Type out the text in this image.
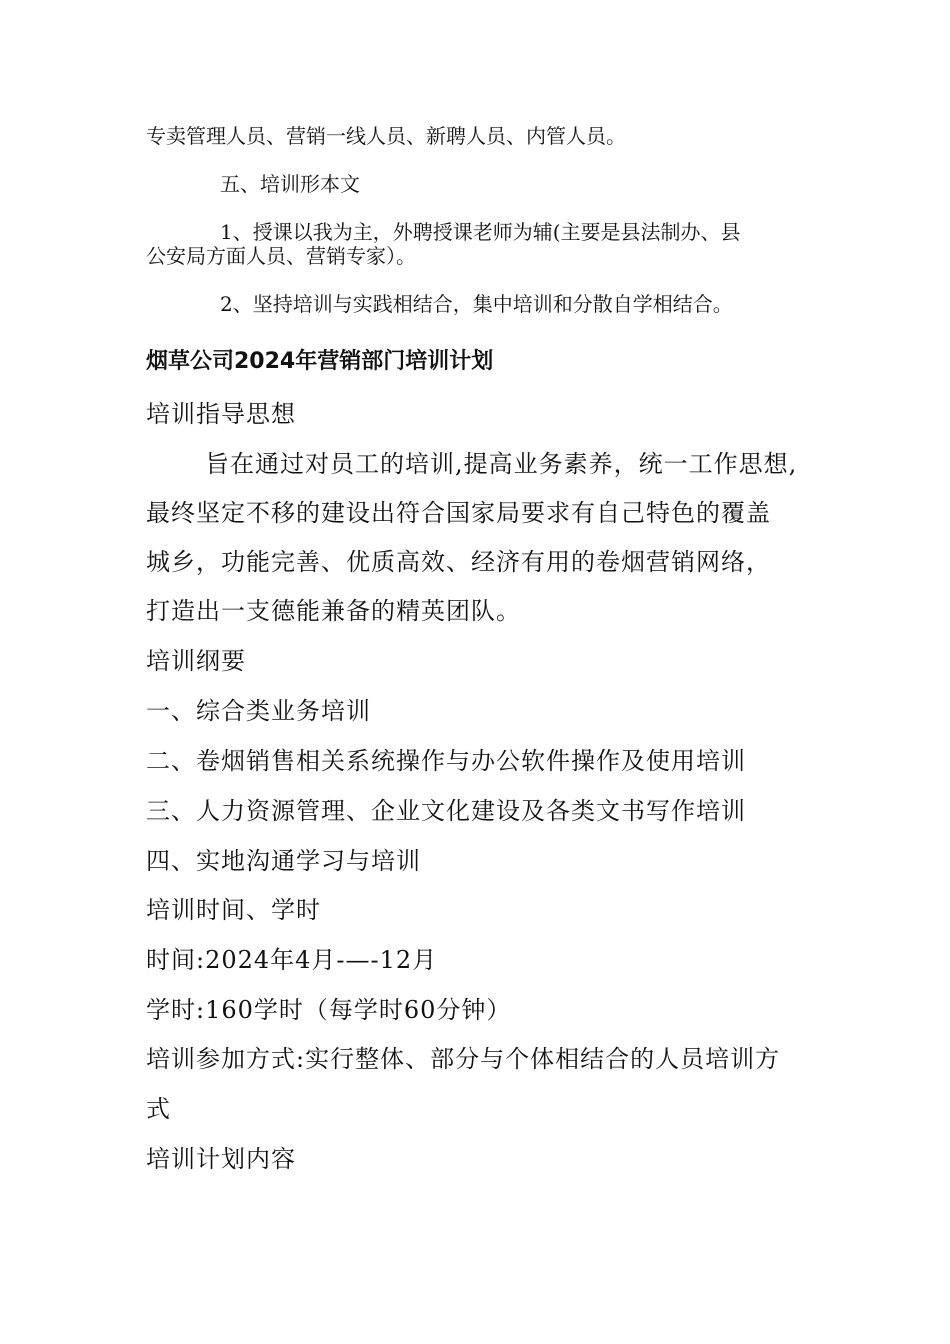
专卖管理人员、营销一线人员、新聘人员、内管人员。
五、培训形本文
1、授课以我为主，外聘授课老师为辅(主要是县法制办、县
公安局方面人员、营销专家）。
2、坚持培训与实践相结合，集中培训和分散自学相结合。
烟草公司2024年营销部门培训计划
培训指导思想
旨在通过对员工的培训,提高业务素养，统一工作思想,
最终坚定不移的建设出符合国家局要求有自己特色的覆盖
城乡，功能完善、优质高效、经济有用的卷烟营销网络，
打造出一支德能兼备的精英团队。
培训纲要
一、综合类业务培训
二、卷烟销售相关系统操作与办公软件操作及使用培训
三、人力资源管理、企业文化建设及各类文书写作培训
四、实地沟通学习与培训
培训时间、学时
时间:2024年4月-—-12月
学时:160学时（每学时60分钟）
培训参加方式:实行整体、部分与个体相结合的人员培训方
式
培训计划内容
